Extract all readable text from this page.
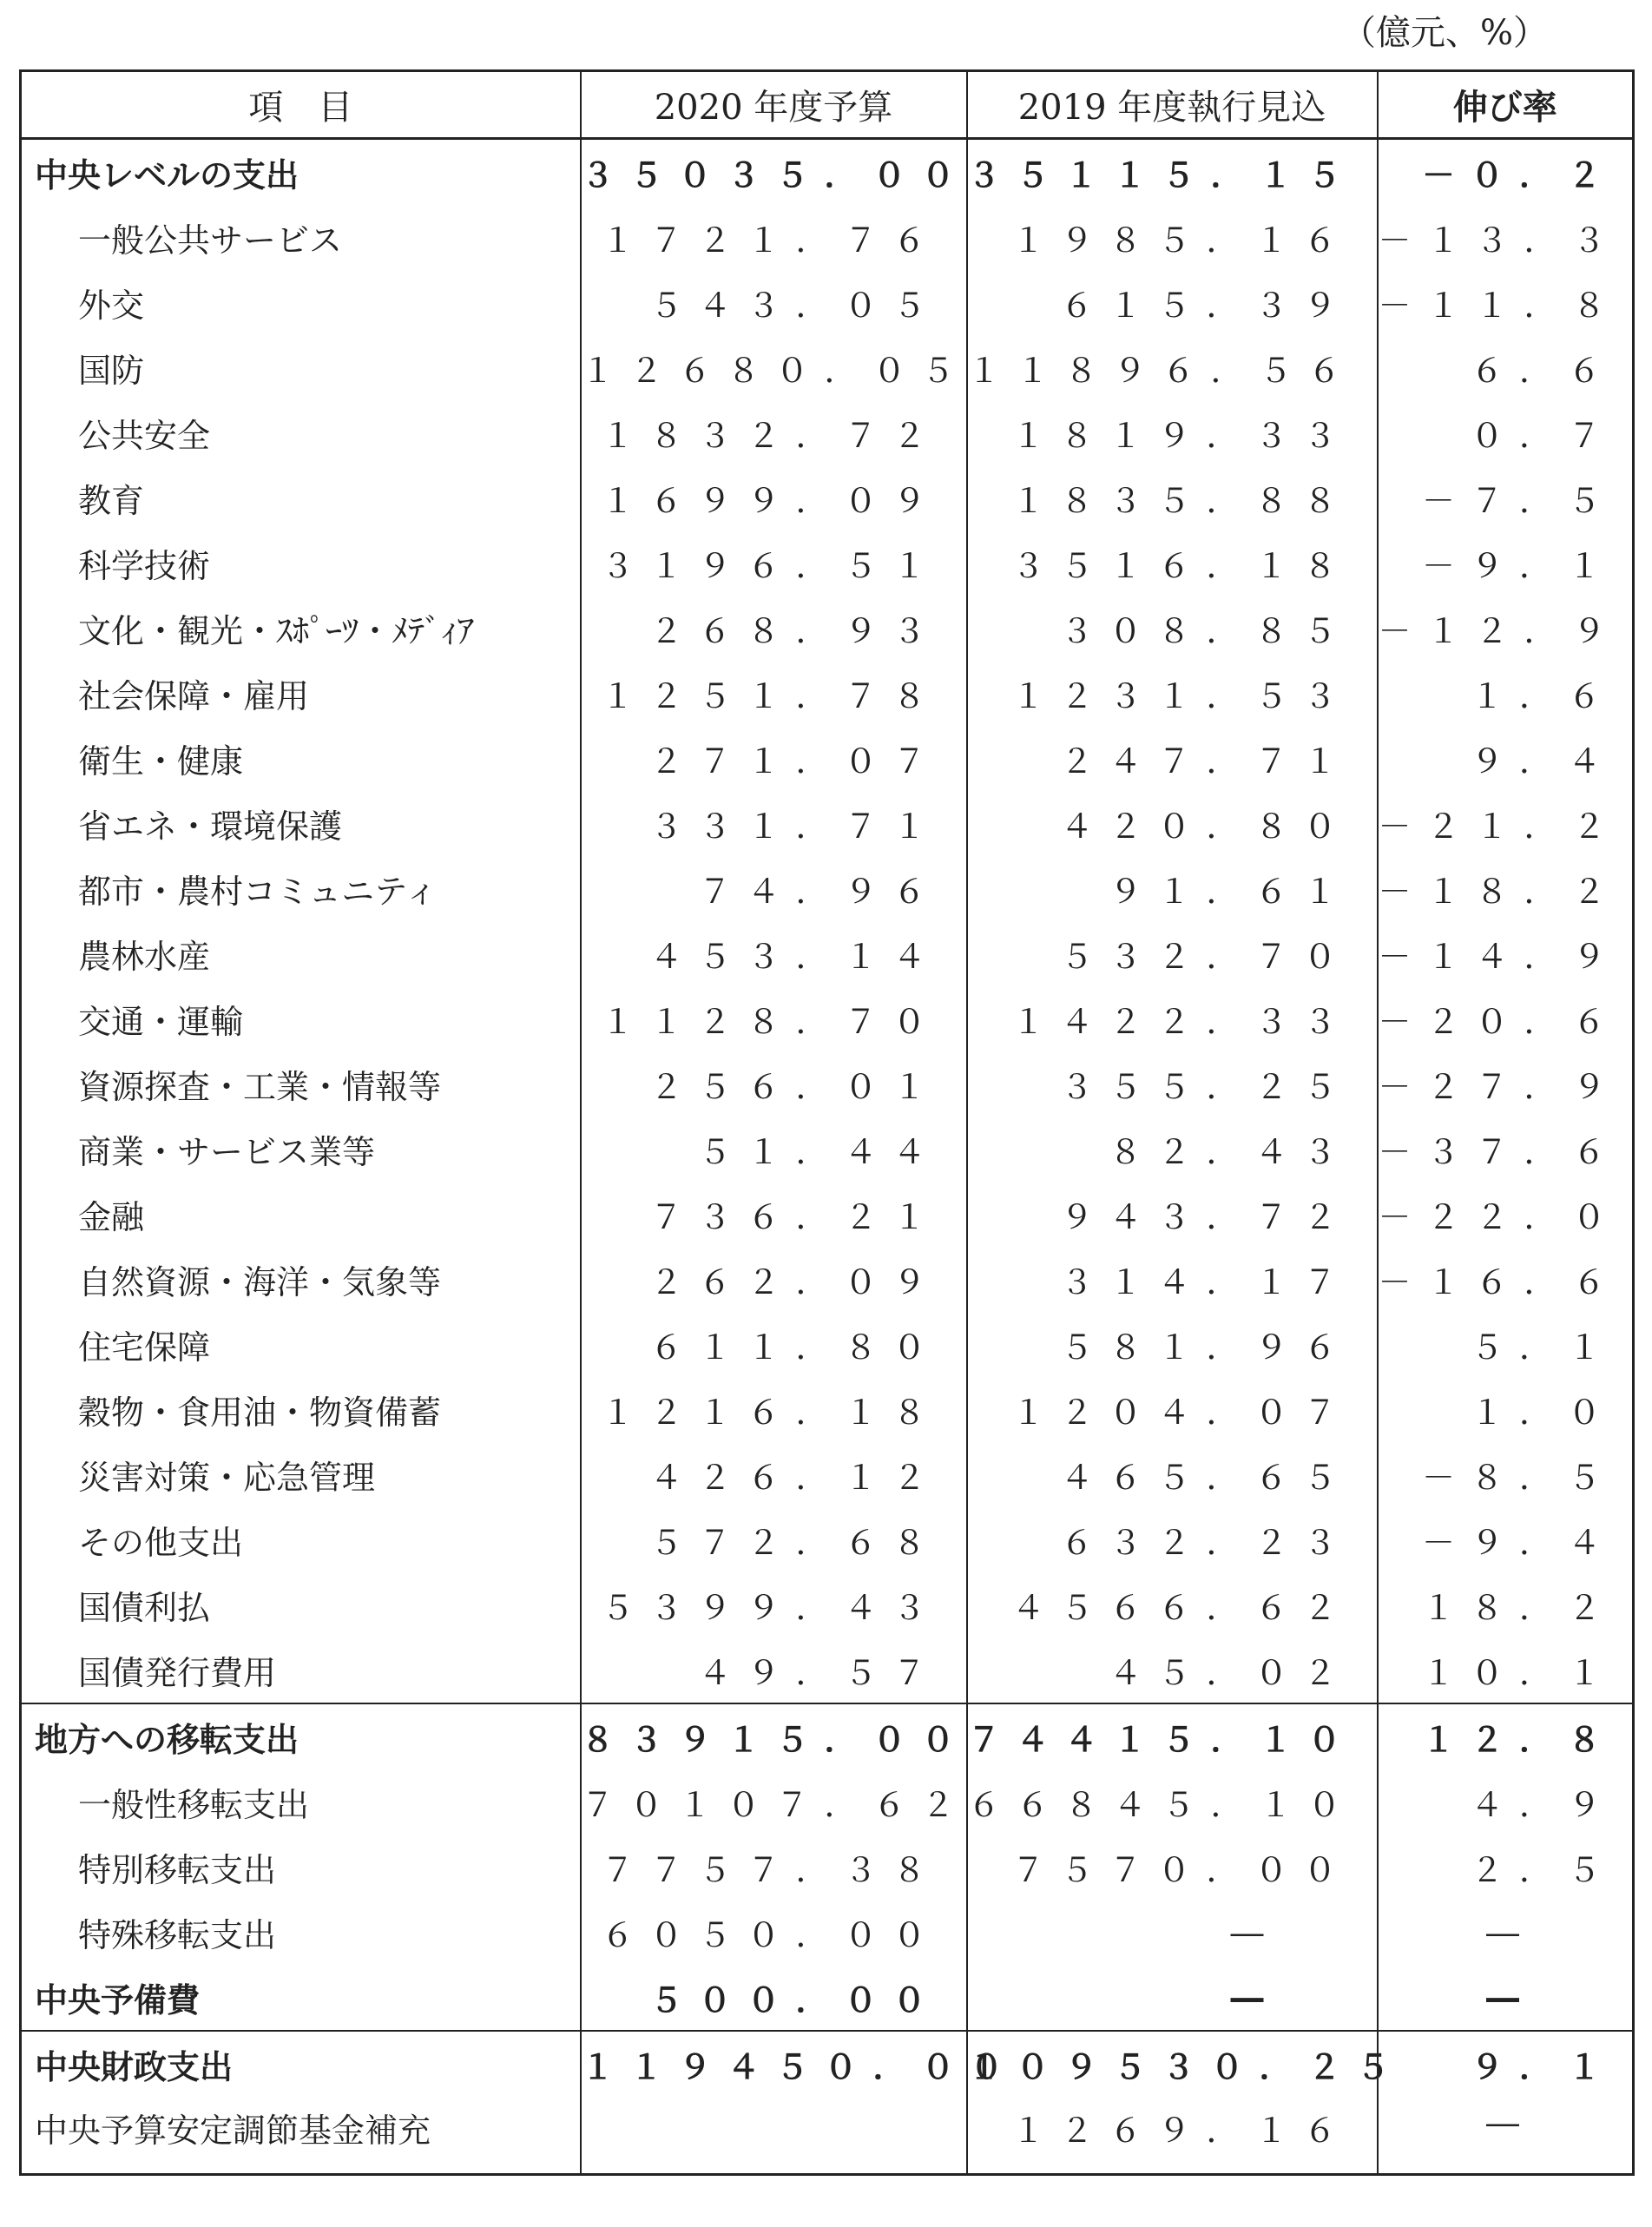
（億元、%）
項　目	2020 年度予算	2019 年度執行見込	伸び率
中央レベルの支出	３５０３５．００	３５１１５．１５	－０．２
一般公共サービス	１７２１．７６	１９８５．１６	－１３．３
外交	５４３．０５	６１５．３９	－１１．８
国防	１２６８０．０５	１１８９６．５６	６．６
公共安全	１８３２．７２	１８１９．３３	０．７
教育	１６９９．０９	１８３５．８８	－７．５
科学技術	３１９６．５１	３５１６．１８	－９．１
文化・観光・ｽﾎﾟｰﾂ・ﾒﾃﾞｨｱ	２６８．９３	３０８．８５	－１２．９
社会保障・雇用	１２５１．７８	１２３１．５３	１．６
衛生・健康	２７１．０７	２４７．７１	９．４
省エネ・環境保護	３３１．７１	４２０．８０	－２１．２
都市・農村コミュニティ	７４．９６	９１．６１	－１８．２
農林水産	４５３．１４	５３２．７０	－１４．９
交通・運輸	１１２８．７０	１４２２．３３	－２０．６
資源探査・工業・情報等	２５６．０１	３５５．２５	－２７．９
商業・サービス業等	５１．４４	８２．４３	－３７．６
金融	７３６．２１	９４３．７２	－２２．０
自然資源・海洋・気象等	２６２．０９	３１４．１７	－１６．６
住宅保障	６１１．８０	５８１．９６	５．１
穀物・食用油・物資備蓄	１２１６．１８	１２０４．０７	１．０
災害対策・応急管理	４２６．１２	４６５．６５	－８．５
その他支出	５７２．６８	６３２．２３	－９．４
国債利払	５３９９．４３	４５６６．６２	１８．２
国債発行費用	４９．５７	４５．０２	１０．１
地方への移転支出	８３９１５．００	７４４１５．１０	１２．８
一般性移転支出	７０１０７．６２	６６８４５．１０	４．９
特別移転支出	７７５７．３８	７５７０．００	２．５
特殊移転支出	６０５０．００	―	―
中央予備費	５００．００	―	―
中央財政支出	１１９４５０．００	１０９５３０．２５	９．１
中央予算安定調節基金補充		１２６９．１６	―
